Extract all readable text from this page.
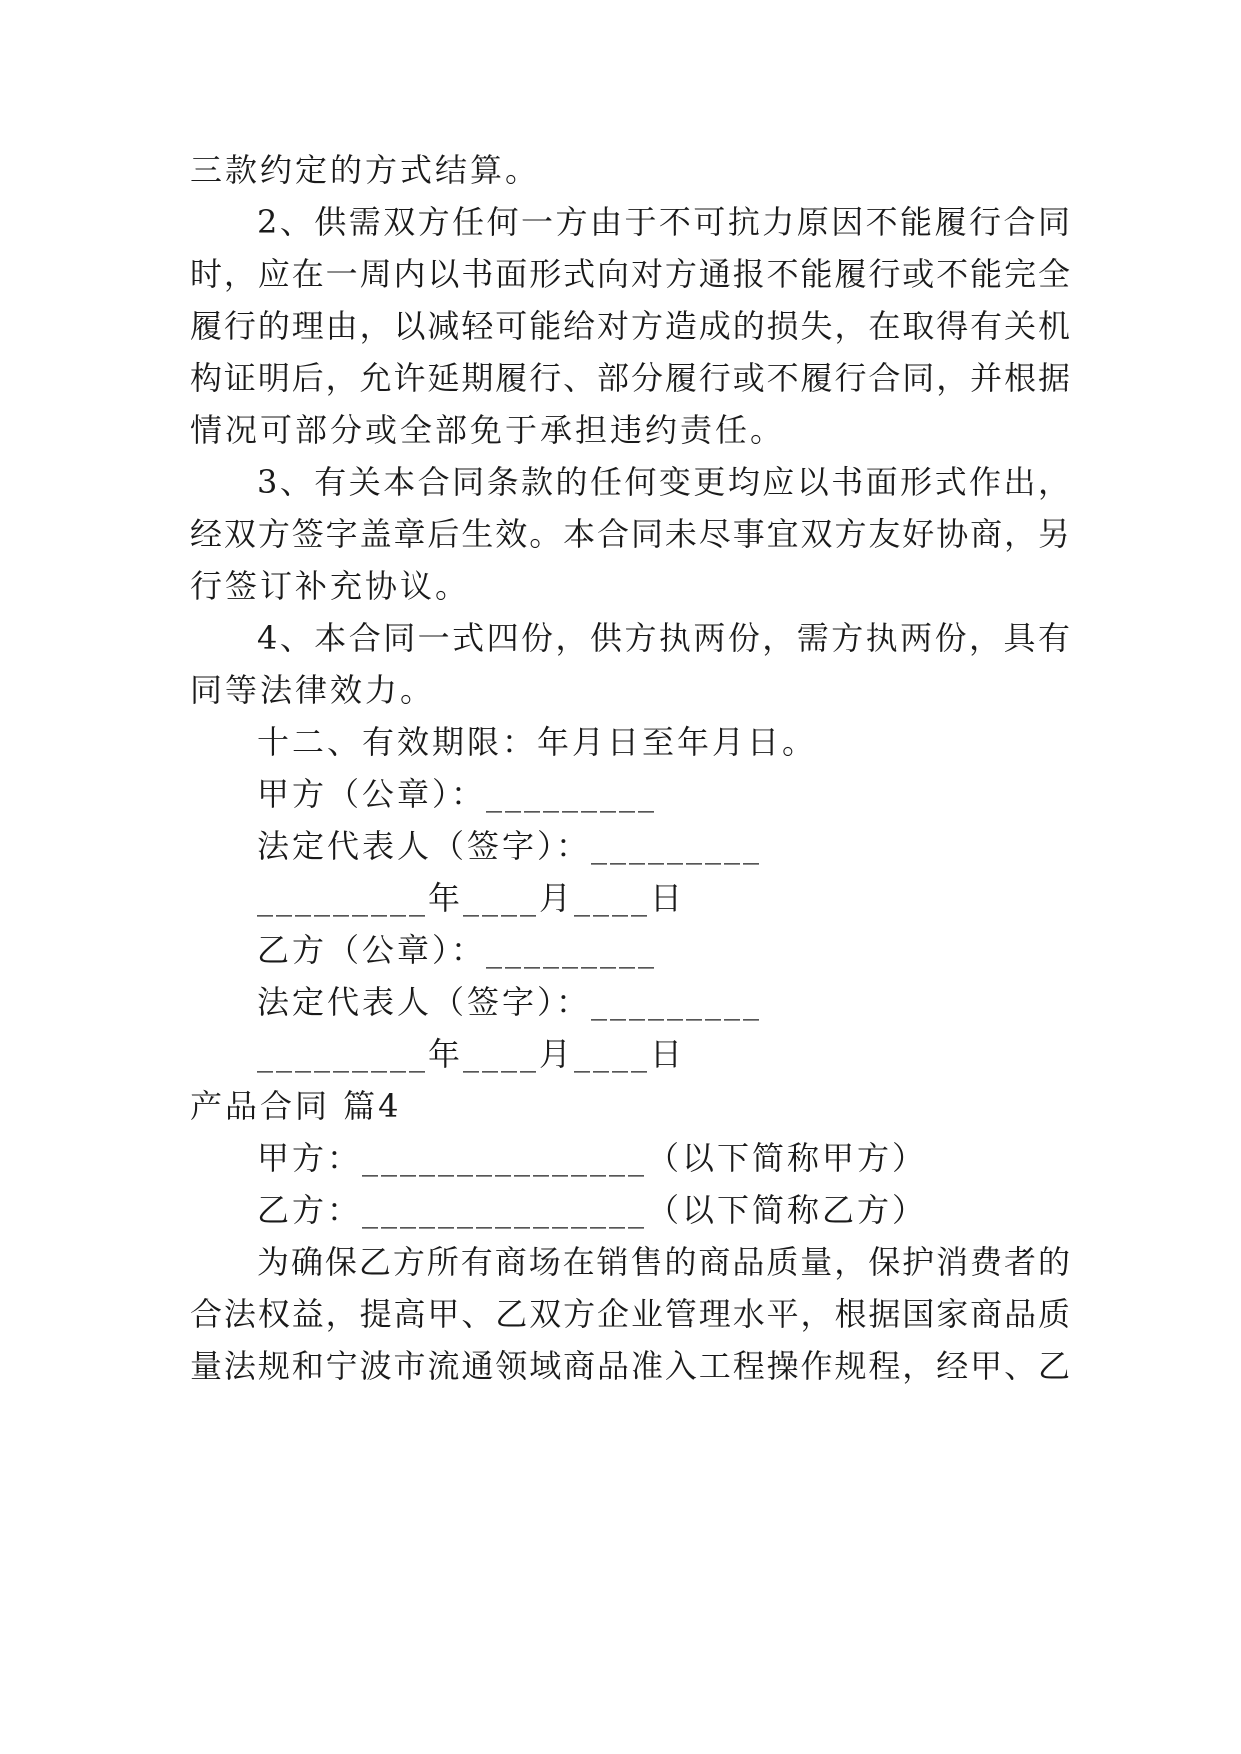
三款约定的方式结算。
2、供需双方任何一方由于不可抗力原因不能履行合同
时，应在一周内以书面形式向对方通报不能履行或不能完全
履行的理由，以减轻可能给对方造成的损失，在取得有关机
构证明后，允许延期履行、部分履行或不履行合同，并根据
情况可部分或全部免于承担违约责任。
3、有关本合同条款的任何变更均应以书面形式作出，
经双方签字盖章后生效。本合同未尽事宜双方友好协商，另
行签订补充协议。
4、本合同一式四份，供方执两份，需方执两份，具有
同等法律效力。
十二、有效期限：年月日至年月日。
甲方（公章）：_________
法定代表人（签字）：_________
_________年____月____日
乙方（公章）：_________
法定代表人（签字）：_________
_________年____月____日
产品合同 篇4
甲方：_______________（以下简称甲方）
乙方：_______________（以下简称乙方）
为确保乙方所有商场在销售的商品质量，保护消费者的
合法权益，提高甲、乙双方企业管理水平，根据国家商品质
量法规和宁波市流通领域商品准入工程操作规程，经甲、乙
